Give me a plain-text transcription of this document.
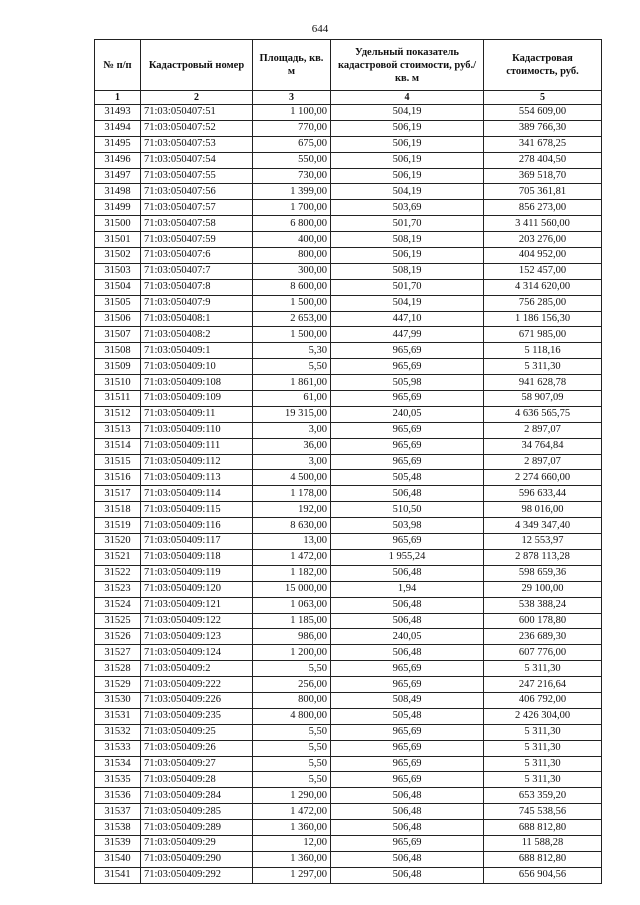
644
№ п/п	Кадастровый номер	Площадь, кв. м	Удельный показатель кадастровой стоимости, руб./кв. м	Кадастровая стоимость, руб.
1	2	3	4	5
31493	71:03:050407:51	1 100,00	504,19	554 609,00
31494	71:03:050407:52	770,00	506,19	389 766,30
31495	71:03:050407:53	675,00	506,19	341 678,25
31496	71:03:050407:54	550,00	506,19	278 404,50
31497	71:03:050407:55	730,00	506,19	369 518,70
31498	71:03:050407:56	1 399,00	504,19	705 361,81
31499	71:03:050407:57	1 700,00	503,69	856 273,00
31500	71:03:050407:58	6 800,00	501,70	3 411 560,00
31501	71:03:050407:59	400,00	508,19	203 276,00
31502	71:03:050407:6	800,00	506,19	404 952,00
31503	71:03:050407:7	300,00	508,19	152 457,00
31504	71:03:050407:8	8 600,00	501,70	4 314 620,00
31505	71:03:050407:9	1 500,00	504,19	756 285,00
31506	71:03:050408:1	2 653,00	447,10	1 186 156,30
31507	71:03:050408:2	1 500,00	447,99	671 985,00
31508	71:03:050409:1	5,30	965,69	5 118,16
31509	71:03:050409:10	5,50	965,69	5 311,30
31510	71:03:050409:108	1 861,00	505,98	941 628,78
31511	71:03:050409:109	61,00	965,69	58 907,09
31512	71:03:050409:11	19 315,00	240,05	4 636 565,75
31513	71:03:050409:110	3,00	965,69	2 897,07
31514	71:03:050409:111	36,00	965,69	34 764,84
31515	71:03:050409:112	3,00	965,69	2 897,07
31516	71:03:050409:113	4 500,00	505,48	2 274 660,00
31517	71:03:050409:114	1 178,00	506,48	596 633,44
31518	71:03:050409:115	192,00	510,50	98 016,00
31519	71:03:050409:116	8 630,00	503,98	4 349 347,40
31520	71:03:050409:117	13,00	965,69	12 553,97
31521	71:03:050409:118	1 472,00	1 955,24	2 878 113,28
31522	71:03:050409:119	1 182,00	506,48	598 659,36
31523	71:03:050409:120	15 000,00	1,94	29 100,00
31524	71:03:050409:121	1 063,00	506,48	538 388,24
31525	71:03:050409:122	1 185,00	506,48	600 178,80
31526	71:03:050409:123	986,00	240,05	236 689,30
31527	71:03:050409:124	1 200,00	506,48	607 776,00
31528	71:03:050409:2	5,50	965,69	5 311,30
31529	71:03:050409:222	256,00	965,69	247 216,64
31530	71:03:050409:226	800,00	508,49	406 792,00
31531	71:03:050409:235	4 800,00	505,48	2 426 304,00
31532	71:03:050409:25	5,50	965,69	5 311,30
31533	71:03:050409:26	5,50	965,69	5 311,30
31534	71:03:050409:27	5,50	965,69	5 311,30
31535	71:03:050409:28	5,50	965,69	5 311,30
31536	71:03:050409:284	1 290,00	506,48	653 359,20
31537	71:03:050409:285	1 472,00	506,48	745 538,56
31538	71:03:050409:289	1 360,00	506,48	688 812,80
31539	71:03:050409:29	12,00	965,69	11 588,28
31540	71:03:050409:290	1 360,00	506,48	688 812,80
31541	71:03:050409:292	1 297,00	506,48	656 904,56
